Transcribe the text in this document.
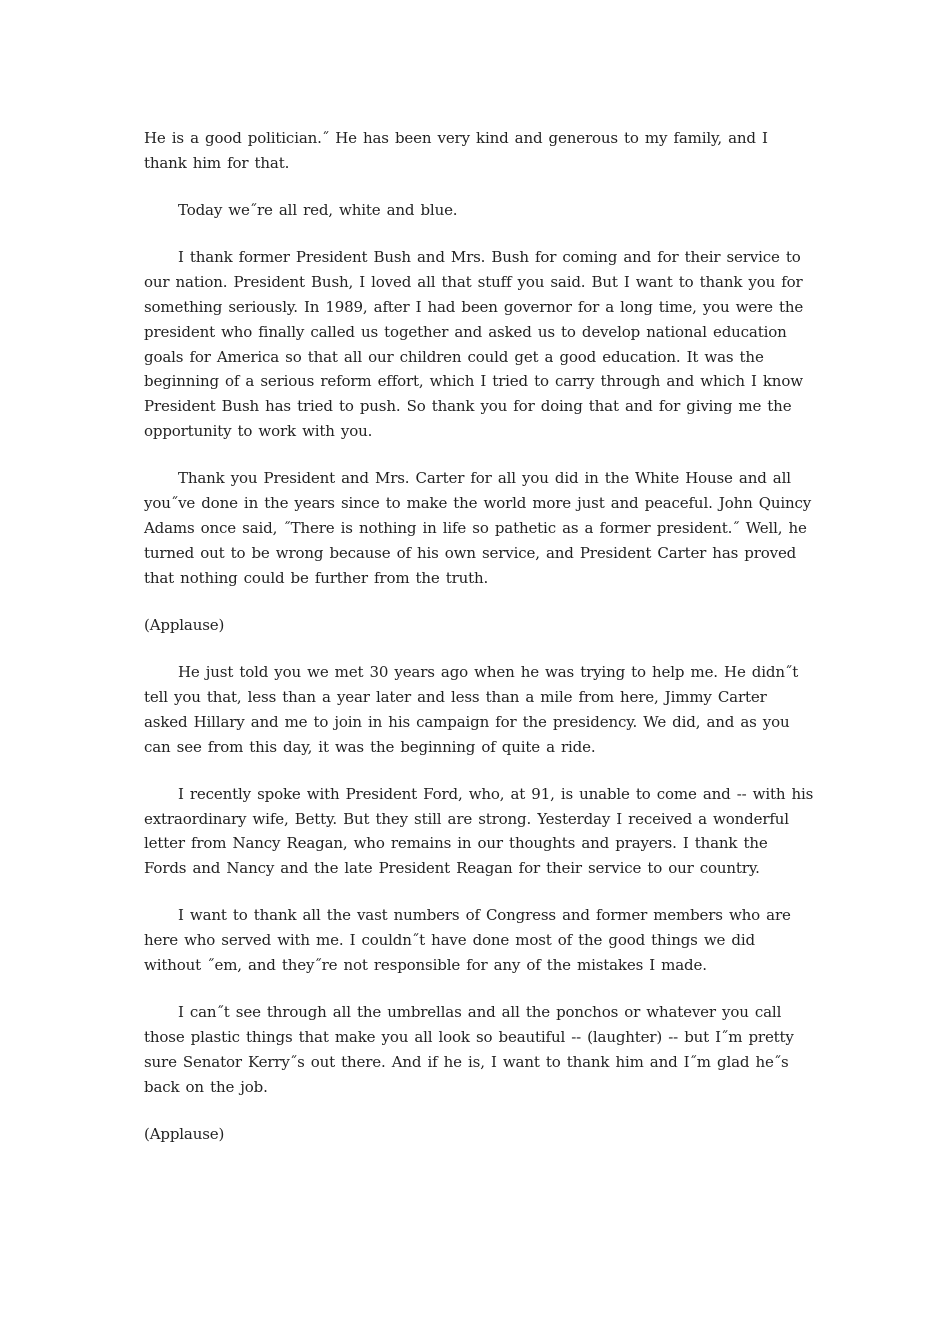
He is a good politician.˝ He has been very kind and generous to my family, and I thank him for that.

Today we˝re all red, white and blue.

I thank former President Bush and Mrs. Bush for coming and for their service to our nation. President Bush, I loved all that stuff you said. But I want to thank you for something seriously. In 1989, after I had been governor for a long time, you were the president who finally called us together and asked us to develop national education goals for America so that all our children could get a good education. It was the beginning of a serious reform effort, which I tried to carry through and which I know President Bush has tried to push. So thank you for doing that and for giving me the opportunity to work with you.

Thank you President and Mrs. Carter for all you did in the White House and all you˝ve done in the years since to make the world more just and peaceful. John Quincy Adams once said, ˝There is nothing in life so pathetic as a former president.˝ Well, he turned out to be wrong because of his own service, and President Carter has proved that nothing could be further from the truth.

(Applause)

He just told you we met 30 years ago when he was trying to help me. He didn˝t tell you that, less than a year later and less than a mile from here, Jimmy Carter asked Hillary and me to join in his campaign for the presidency. We did, and as you can see from this day, it was the beginning of quite a ride.

I recently spoke with President Ford, who, at 91, is unable to come and -- with his extraordinary wife, Betty. But they still are strong. Yesterday I received a wonderful letter from Nancy Reagan, who remains in our thoughts and prayers. I thank the Fords and Nancy and the late President Reagan for their service to our country.

I want to thank all the vast numbers of Congress and former members who are here who served with me. I couldn˝t have done most of the good things we did without ˝em, and they˝re not responsible for any of the mistakes I made.

I can˝t see through all the umbrellas and all the ponchos or whatever you call those plastic things that make you all look so beautiful -- (laughter) -- but I˝m pretty sure Senator Kerry˝s out there. And if he is, I want to thank him and I˝m glad he˝s back on the job.

(Applause)
